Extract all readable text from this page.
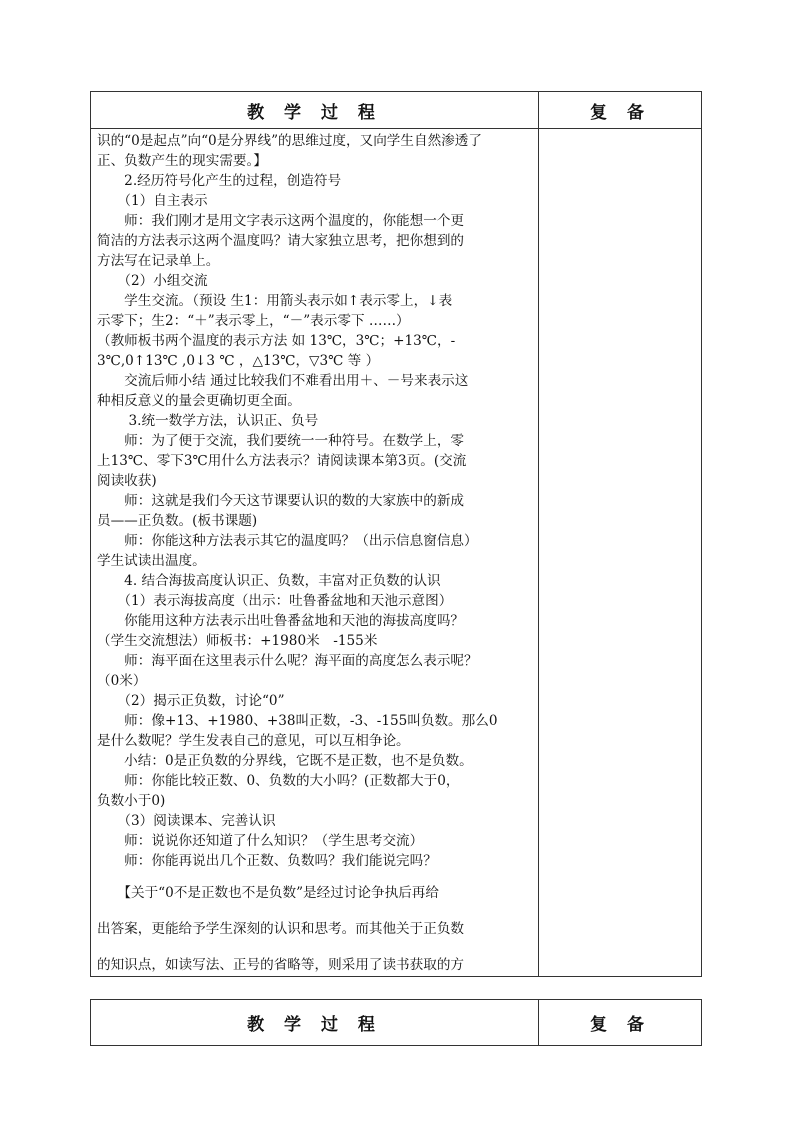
教 学 过 程	复 备

识的“0是起点”向“0是分界线”的思维过度，又向学生自然渗透了

正、负数产生的现实需要。】

　　2.经历符号化产生的过程，创造符号

　　（1）自主表示

　　师：我们刚才是用文字表示这两个温度的，你能想一个更

简洁的方法表示这两个温度吗？请大家独立思考，把你想到的

方法写在记录单上。

　　（2）小组交流

　　学生交流。（预设 生1：用箭头表示如↑表示零上，↓表

示零下；生2：“＋”表示零上，“－”表示零下 ……）

（教师板书两个温度的表示方法 如 13℃，3℃；+13℃，-

3℃,0↑13℃ ,0↓3 ℃ ，△13℃，▽3℃ 等 ）

　　交流后师小结 通过比较我们不难看出用＋、－号来表示这

种相反意义的量会更确切更全面。

　　 3.统一数学方法，认识正、负号

　　师：为了便于交流，我们要统一一种符号。在数学上，零

上13℃、零下3℃用什么方法表示？请阅读课本第3页。(交流

阅读收获)

　　师：这就是我们今天这节课要认识的数的大家族中的新成

员——正负数。(板书课题)

　　师：你能这种方法表示其它的温度吗？（出示信息窗信息）

学生试读出温度。

　　4. 结合海拔高度认识正、负数，丰富对正负数的认识

　　（1）表示海拔高度（出示：吐鲁番盆地和天池示意图）

　　你能用这种方法表示出吐鲁番盆地和天池的海拔高度吗？

（学生交流想法）师板书：+1980米　-155米

　　师：海平面在这里表示什么呢？海平面的高度怎么表示呢？

（0米）

　　（2）揭示正负数，讨论“0”

　　师：像+13、+1980、+38叫正数，-3、-155叫负数。那么0

是什么数呢？学生发表自己的意见，可以互相争论。

　　小结：0是正负数的分界线，它既不是正数，也不是负数。

　　师：你能比较正数、0、负数的大小吗？(正数都大于0，

负数小于0)

　　（3）阅读课本、完善认识

　　师：说说你还知道了什么知识？（学生思考交流）

　　师：你能再说出几个正数、负数吗？我们能说完吗？

　　【关于“0不是正数也不是负数”是经过讨论争执后再给

出答案，更能给予学生深刻的认识和思考。而其他关于正负数

的知识点，如读写法、正号的省略等，则采用了读书获取的方

教 学 过 程	复 备
